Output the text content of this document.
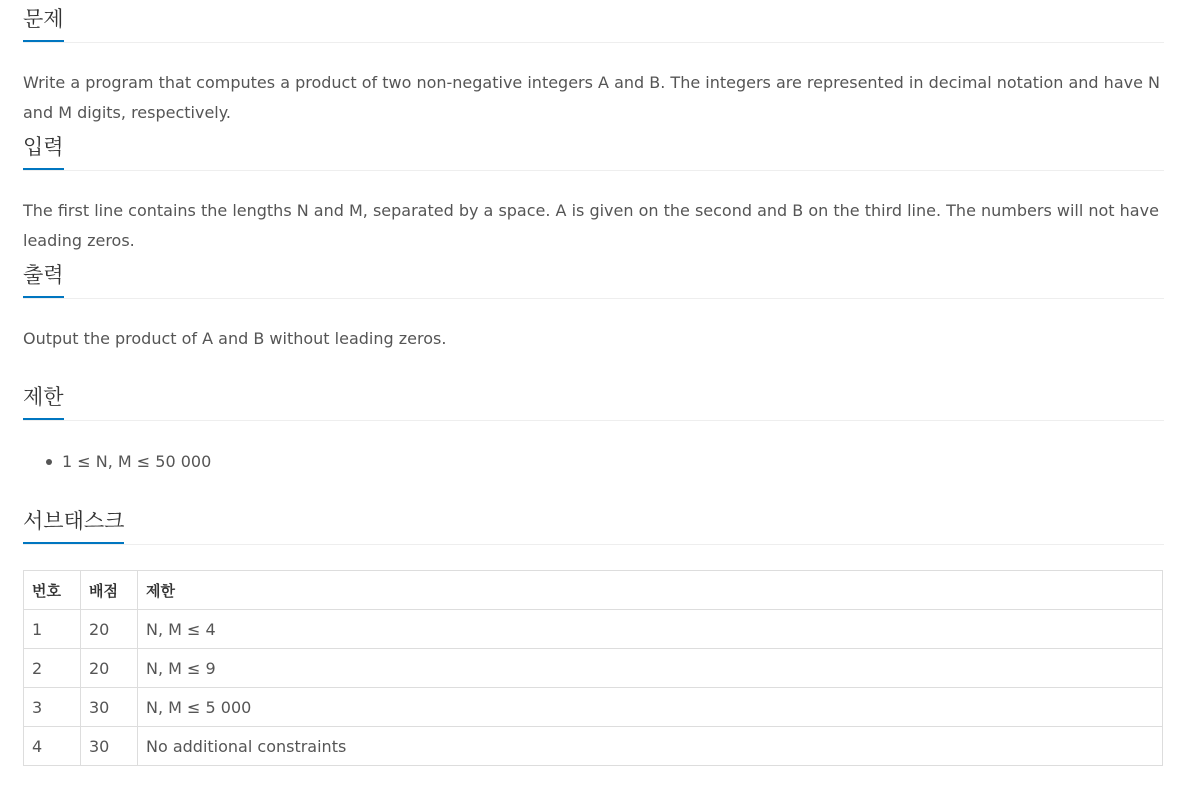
문제

Write a program that computes a product of two non-negative integers A and B. The integers are represented in decimal notation and have N and M digits, respectively.

입력

The first line contains the lengths N and M, separated by a space. A is given on the second and B on the third line. The numbers will not have leading zeros.

출력

Output the product of A and B without leading zeros.

제한
1 ≤ N, M ≤ 50 000
서브태스크
번호	배점	제한
1	20	N, M ≤ 4
2	20	N, M ≤ 9
3	30	N, M ≤ 5 000
4	30	No additional constraints
